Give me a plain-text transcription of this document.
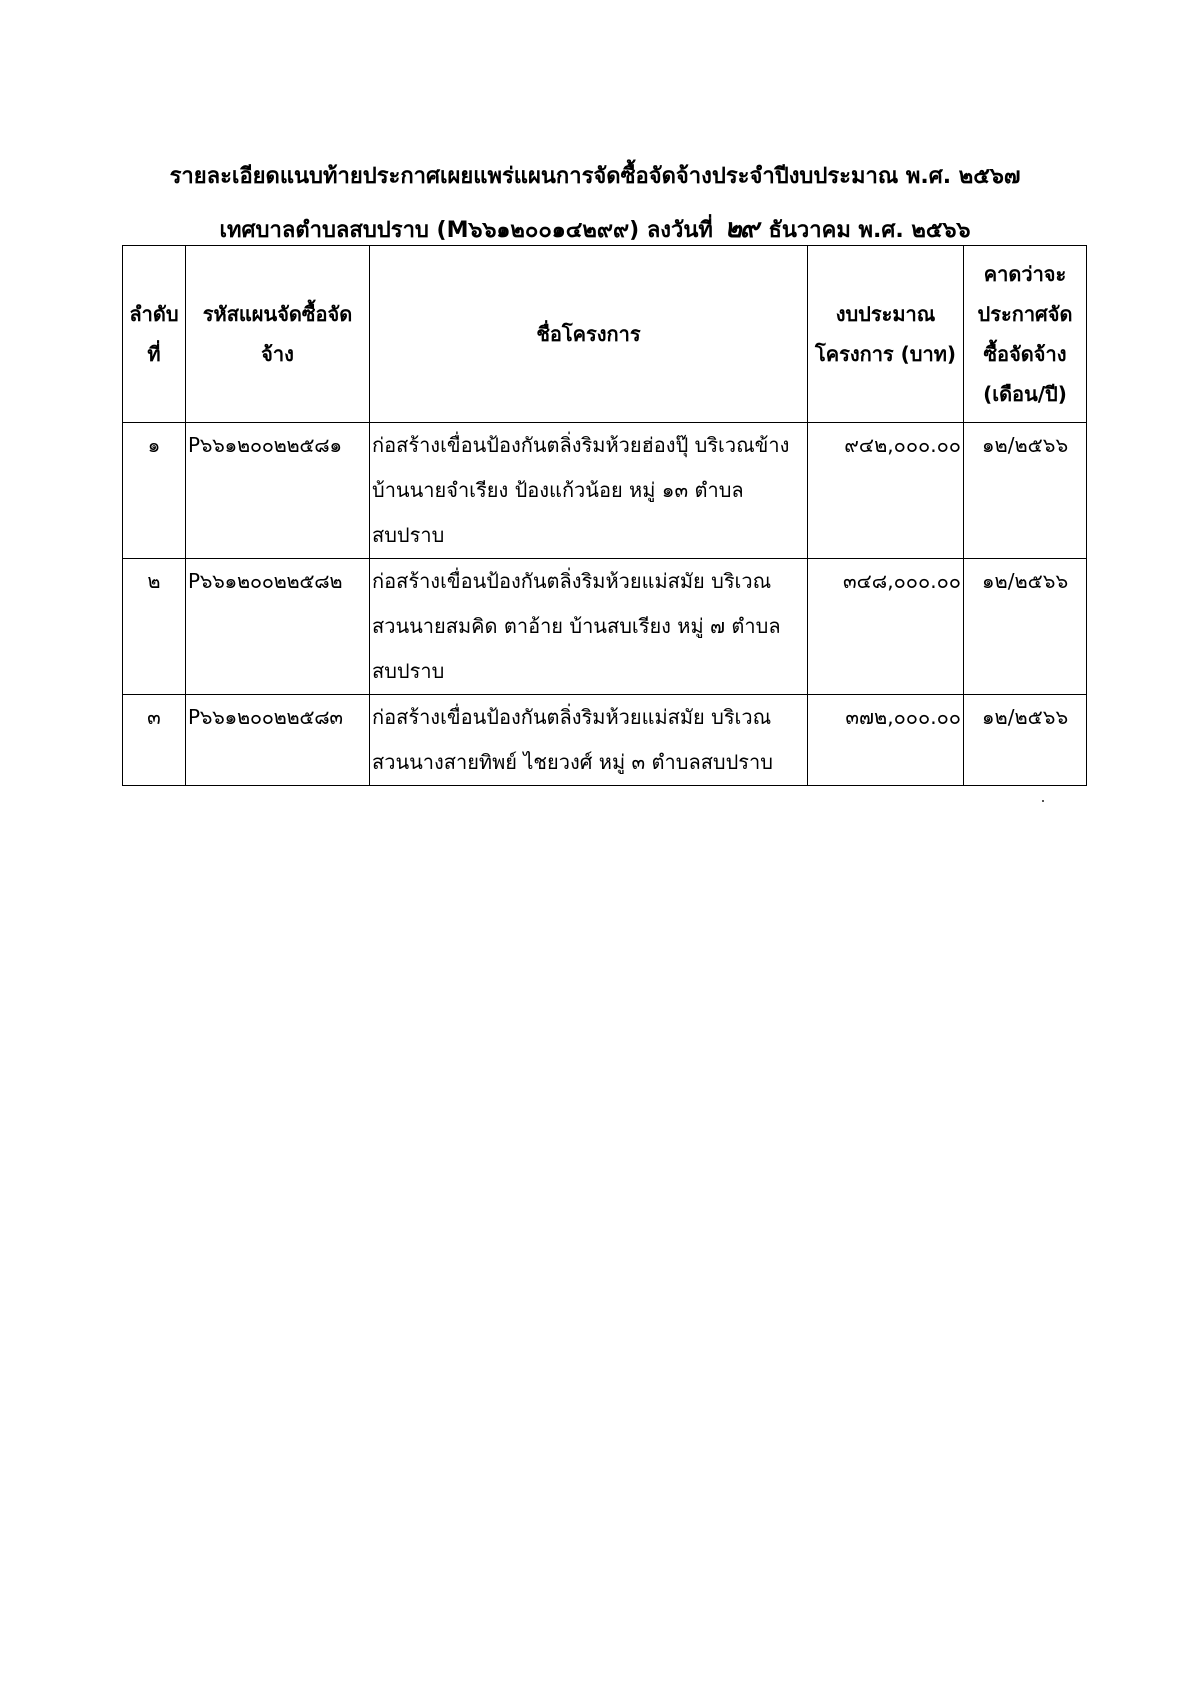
รายละเอียดแนบท้ายประกาศเผยแพร่แผนการจัดซื้อจัดจ้างประจำปีงบประมาณ พ.ศ. ๒๕๖๗
เทศบาลตำบลสบปราบ (M๖๖๑๒๐๐๑๔๒๙๙) ลงวันที่ ๒๙ ธันวาคม พ.ศ. ๒๕๖๖
ลำดับที่	รหัสแผนจัดซื้อจัดจ้าง	ชื่อโครงการ	งบประมาณโครงการ (บาท)	คาดว่าจะประกาศจัดซื้อจัดจ้าง (เดือน/ปี)
๑	P๖๖๑๒๐๐๒๒๕๘๑	ก่อสร้างเขื่อนป้องกันตลิ่งริมห้วยฮ่องปุ๊ บริเวณข้างบ้านนายจำเรียง ป้องแก้วน้อย หมู่ ๑๓ ตำบลสบปราบ	๙๔๒,๐๐๐.๐๐	๑๒/๒๕๖๖
๒	P๖๖๑๒๐๐๒๒๕๘๒	ก่อสร้างเขื่อนป้องกันตลิ่งริมห้วยแม่สมัย บริเวณสวนนายสมคิด ตาอ้าย บ้านสบเรียง หมู่ ๗ ตำบลสบปราบ	๓๔๘,๐๐๐.๐๐	๑๒/๒๕๖๖
๓	P๖๖๑๒๐๐๒๒๕๘๓	ก่อสร้างเขื่อนป้องกันตลิ่งริมห้วยแม่สมัย บริเวณสวนนางสายทิพย์ ไชยวงศ์ หมู่ ๓ ตำบลสบปราบ	๓๗๒,๐๐๐.๐๐	๑๒/๒๕๖๖
